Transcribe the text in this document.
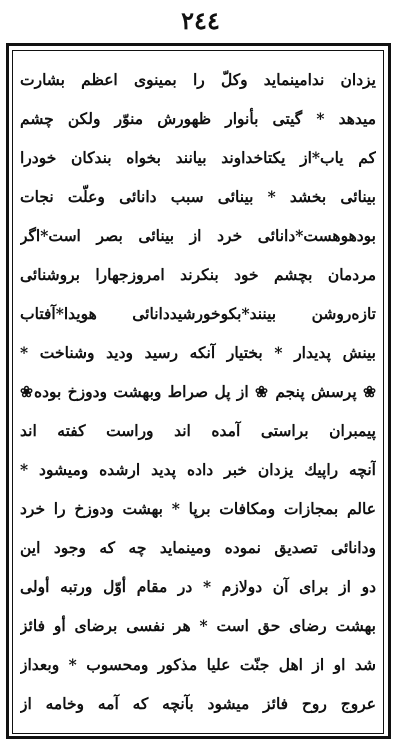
٢٤٤
يزدان ندامينمايد وكلّ را بمينوى اعظم بشارت
ميدهد * گيتى بأنوار ظهورش منوّر ولكن چشم
كم ياب*از يكتاخداوند بيانند بخواه بندكان خودرا
بينائى بخشد * بينائى سبب دانائى وعلّت نجات
بودهوهست*دانائى خرد از بينائى بصر است*اگر
مردمان بچشم خود بنكرند امروزجهارا بروشنائى
تازه‌روشن بينند*بكوخورشيددانائى هويدا*آفتاب
بينش پديدار * بختيار آنكه رسيد وديد وشناخت *
❀ پرسش پنجم ❀ از پل صراط وبهشت ودوزخ بوده❀
پيمبران براستى آمده اند وراست كفته اند
آنچه راپيك يزدان خبر داده پديد ارشده وميشود *
عالم بمجازات ومكافات برپا * بهشت ودوزخ را خرد
ودانائى تصديق نموده ومينمايد چه كه وجود اين
دو از براى آن دولازم * در مقام أوّل ورتبه أولى
بهشت رضاى حق است * هر نفسى برضاى أو فائز
شد او از اهل جنّت عليا مذكور ومحسوب * وبعداز
عروج روح فائز ميشود بآنچه كه آمه وخامه از
